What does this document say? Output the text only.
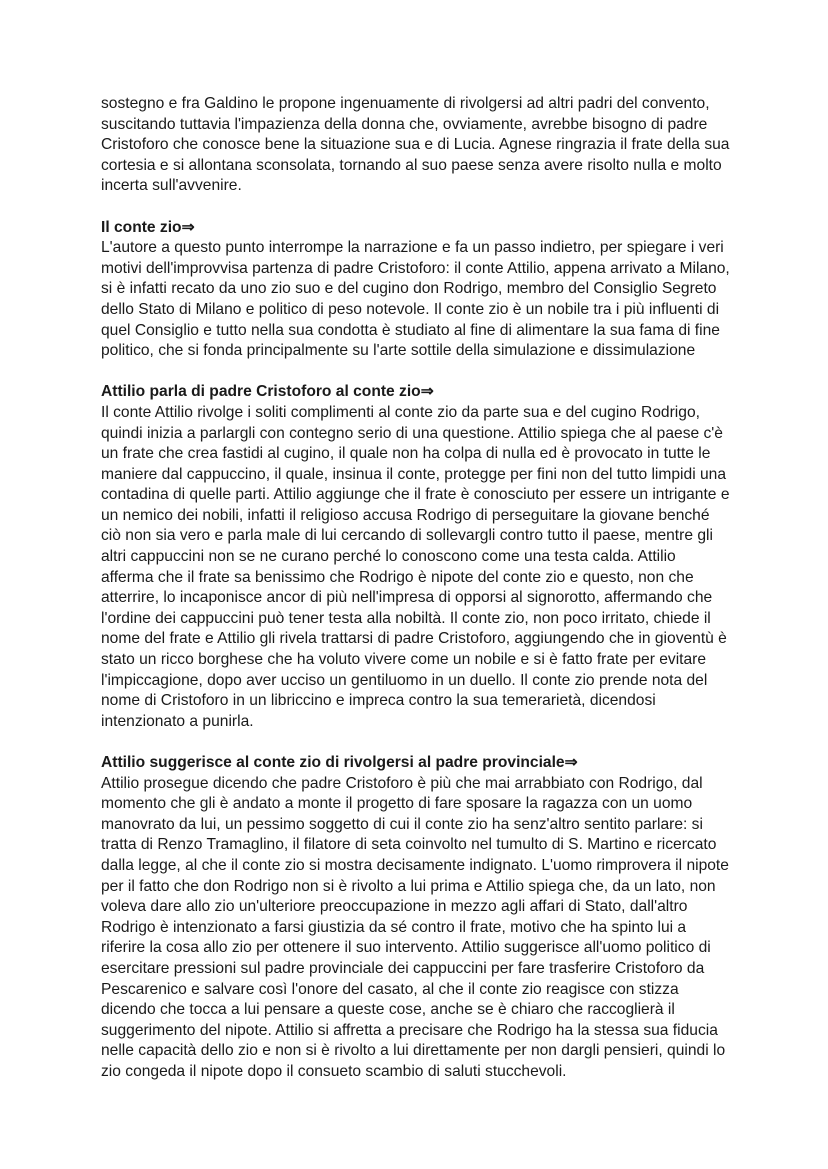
sostegno e fra Galdino le propone ingenuamente di rivolgersi ad altri padri del convento, suscitando tuttavia l'impazienza della donna che, ovviamente, avrebbe bisogno di padre Cristoforo che conosce bene la situazione sua e di Lucia. Agnese ringrazia il frate della sua cortesia e si allontana sconsolata, tornando al suo paese senza avere risolto nulla e molto incerta sull'avvenire.

Il conte zio⇒

L'autore a questo punto interrompe la narrazione e fa un passo indietro, per spiegare i veri motivi dell'improvvisa partenza di padre Cristoforo: il conte Attilio, appena arrivato a Milano, si è infatti recato da uno zio suo e del cugino don Rodrigo, membro del Consiglio Segreto dello Stato di Milano e politico di peso notevole. Il conte zio è un nobile tra i più influenti di quel Consiglio e tutto nella sua condotta è studiato al fine di alimentare la sua fama di fine politico, che si fonda principalmente su l'arte sottile della simulazione e dissimulazione

Attilio parla di padre Cristoforo al conte zio⇒

Il conte Attilio rivolge i soliti complimenti al conte zio da parte sua e del cugino Rodrigo, quindi inizia a parlargli con contegno serio di una questione. Attilio spiega che al paese c'è un frate che crea fastidi al cugino, il quale non ha colpa di nulla ed è provocato in tutte le maniere dal cappuccino, il quale, insinua il conte, protegge per fini non del tutto limpidi una contadina di quelle parti. Attilio aggiunge che il frate è conosciuto per essere un intrigante e un nemico dei nobili, infatti il religioso accusa Rodrigo di perseguitare la giovane benché ciò non sia vero e parla male di lui cercando di sollevargli contro tutto il paese, mentre gli altri cappuccini non se ne curano perché lo conoscono come una testa calda. Attilio afferma che il frate sa benissimo che Rodrigo è nipote del conte zio e questo, non che atterrire, lo incaponisce ancor di più nell'impresa di opporsi al signorotto, affermando che l'ordine dei cappuccini può tener testa alla nobiltà. Il conte zio, non poco irritato, chiede il nome del frate e Attilio gli rivela trattarsi di padre Cristoforo, aggiungendo che in gioventù è stato un ricco borghese che ha voluto vivere come un nobile e si è fatto frate per evitare l'impiccagione, dopo aver ucciso un gentiluomo in un duello. Il conte zio prende nota del nome di Cristoforo in un libriccino e impreca contro la sua temerarietà, dicendosi intenzionato a punirla.

Attilio suggerisce al conte zio di rivolgersi al padre provinciale⇒

Attilio prosegue dicendo che padre Cristoforo è più che mai arrabbiato con Rodrigo, dal momento che gli è andato a monte il progetto di fare sposare la ragazza con un uomo manovrato da lui, un pessimo soggetto di cui il conte zio ha senz'altro sentito parlare: si tratta di Renzo Tramaglino, il filatore di seta coinvolto nel tumulto di S. Martino e ricercato dalla legge, al che il conte zio si mostra decisamente indignato. L'uomo rimprovera il nipote per il fatto che don Rodrigo non si è rivolto a lui prima e Attilio spiega che, da un lato, non voleva dare allo zio un'ulteriore preoccupazione in mezzo agli affari di Stato, dall'altro Rodrigo è intenzionato a farsi giustizia da sé contro il frate, motivo che ha spinto lui a riferire la cosa allo zio per ottenere il suo intervento. Attilio suggerisce all'uomo politico di esercitare pressioni sul padre provinciale dei cappuccini per fare trasferire Cristoforo da Pescarenico e salvare così l'onore del casato, al che il conte zio reagisce con stizza dicendo che tocca a lui pensare a queste cose, anche se è chiaro che raccoglierà il suggerimento del nipote. Attilio si affretta a precisare che Rodrigo ha la stessa sua fiducia nelle capacità dello zio e non si è rivolto a lui direttamente per non dargli pensieri, quindi lo zio congeda il nipote dopo il consueto scambio di saluti stucchevoli.
